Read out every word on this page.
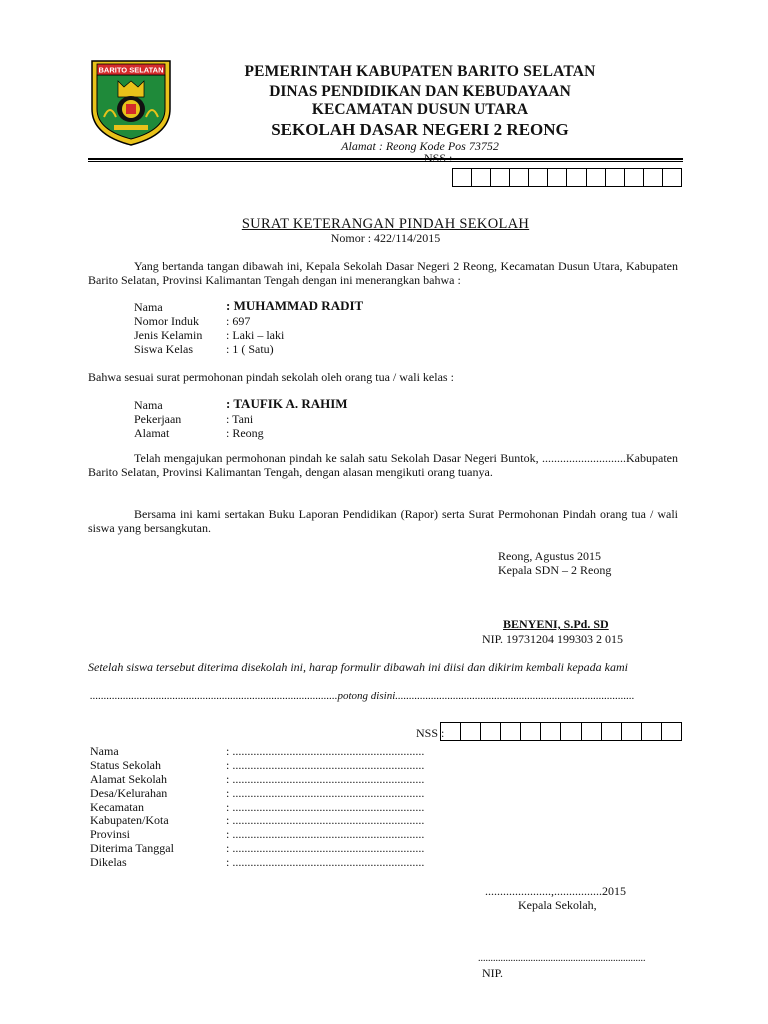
BARITO SELATAN	PEMERINTAH KABUPATEN BARITO SELATAN
DINAS PENDIDIKAN DAN KEBUDAYAAN
KECAMATAN DUSUN UTARA
SEKOLAH DASAR NEGERI 2 REONG
Alamat : Reong Kode Pos 73752
NSS :
SURAT KETERANGAN PINDAH SEKOLAH
Nomor : 422/114/2015
Yang bertanda tangan dibawah ini, Kepala Sekolah Dasar Negeri 2 Reong, Kecamatan Dusun Utara, Kabupaten Barito Selatan, Provinsi Kalimantan Tengah dengan ini menerangkan bahwa :
Nama	: MUHAMMAD RADIT
Nomor Induk : 697
Jenis Kelamin : Laki – laki
Siswa Kelas	: 1 ( Satu)
Bahwa sesuai surat permohonan pindah sekolah oleh orang tua / wali kelas :
Nama	: TAUFIK A. RAHIM
Pekerjaan	: Tani
Alamat	: Reong
Telah mengajukan permohonan pindah ke salah satu Sekolah Dasar Negeri Buntok, ............................Kabupaten Barito Selatan, Provinsi Kalimantan Tengah, dengan alasan mengikuti orang tuanya.
Bersama ini kami sertakan Buku Laporan Pendidikan (Rapor) serta Surat Permohonan Pindah orang tua / wali siswa yang bersangkutan.
Reong, Agustus 2015
Kepala SDN – 2 Reong
BENYENI, S.Pd. SD
NIP. 19731204 199303 2 015
Setelah siswa tersebut diterima disekolah ini, harap formulir dibawah ini diisi dan dikirim kembali kepada kami
..........................................................................................potong disini.......................................................................................
NSS :
Nama	: ................................................................
Status Sekolah	: ................................................................
Alamat Sekolah	: ................................................................
Desa/Kelurahan	: ................................................................
Kecamatan	: ................................................................
Kabupaten/Kota	: ................................................................
Provinsi	: ................................................................
Diterima Tanggal	: ................................................................
Dikelas	: ................................................................
......................,................2015
Kepala Sekolah,
...................................................................
NIP.
